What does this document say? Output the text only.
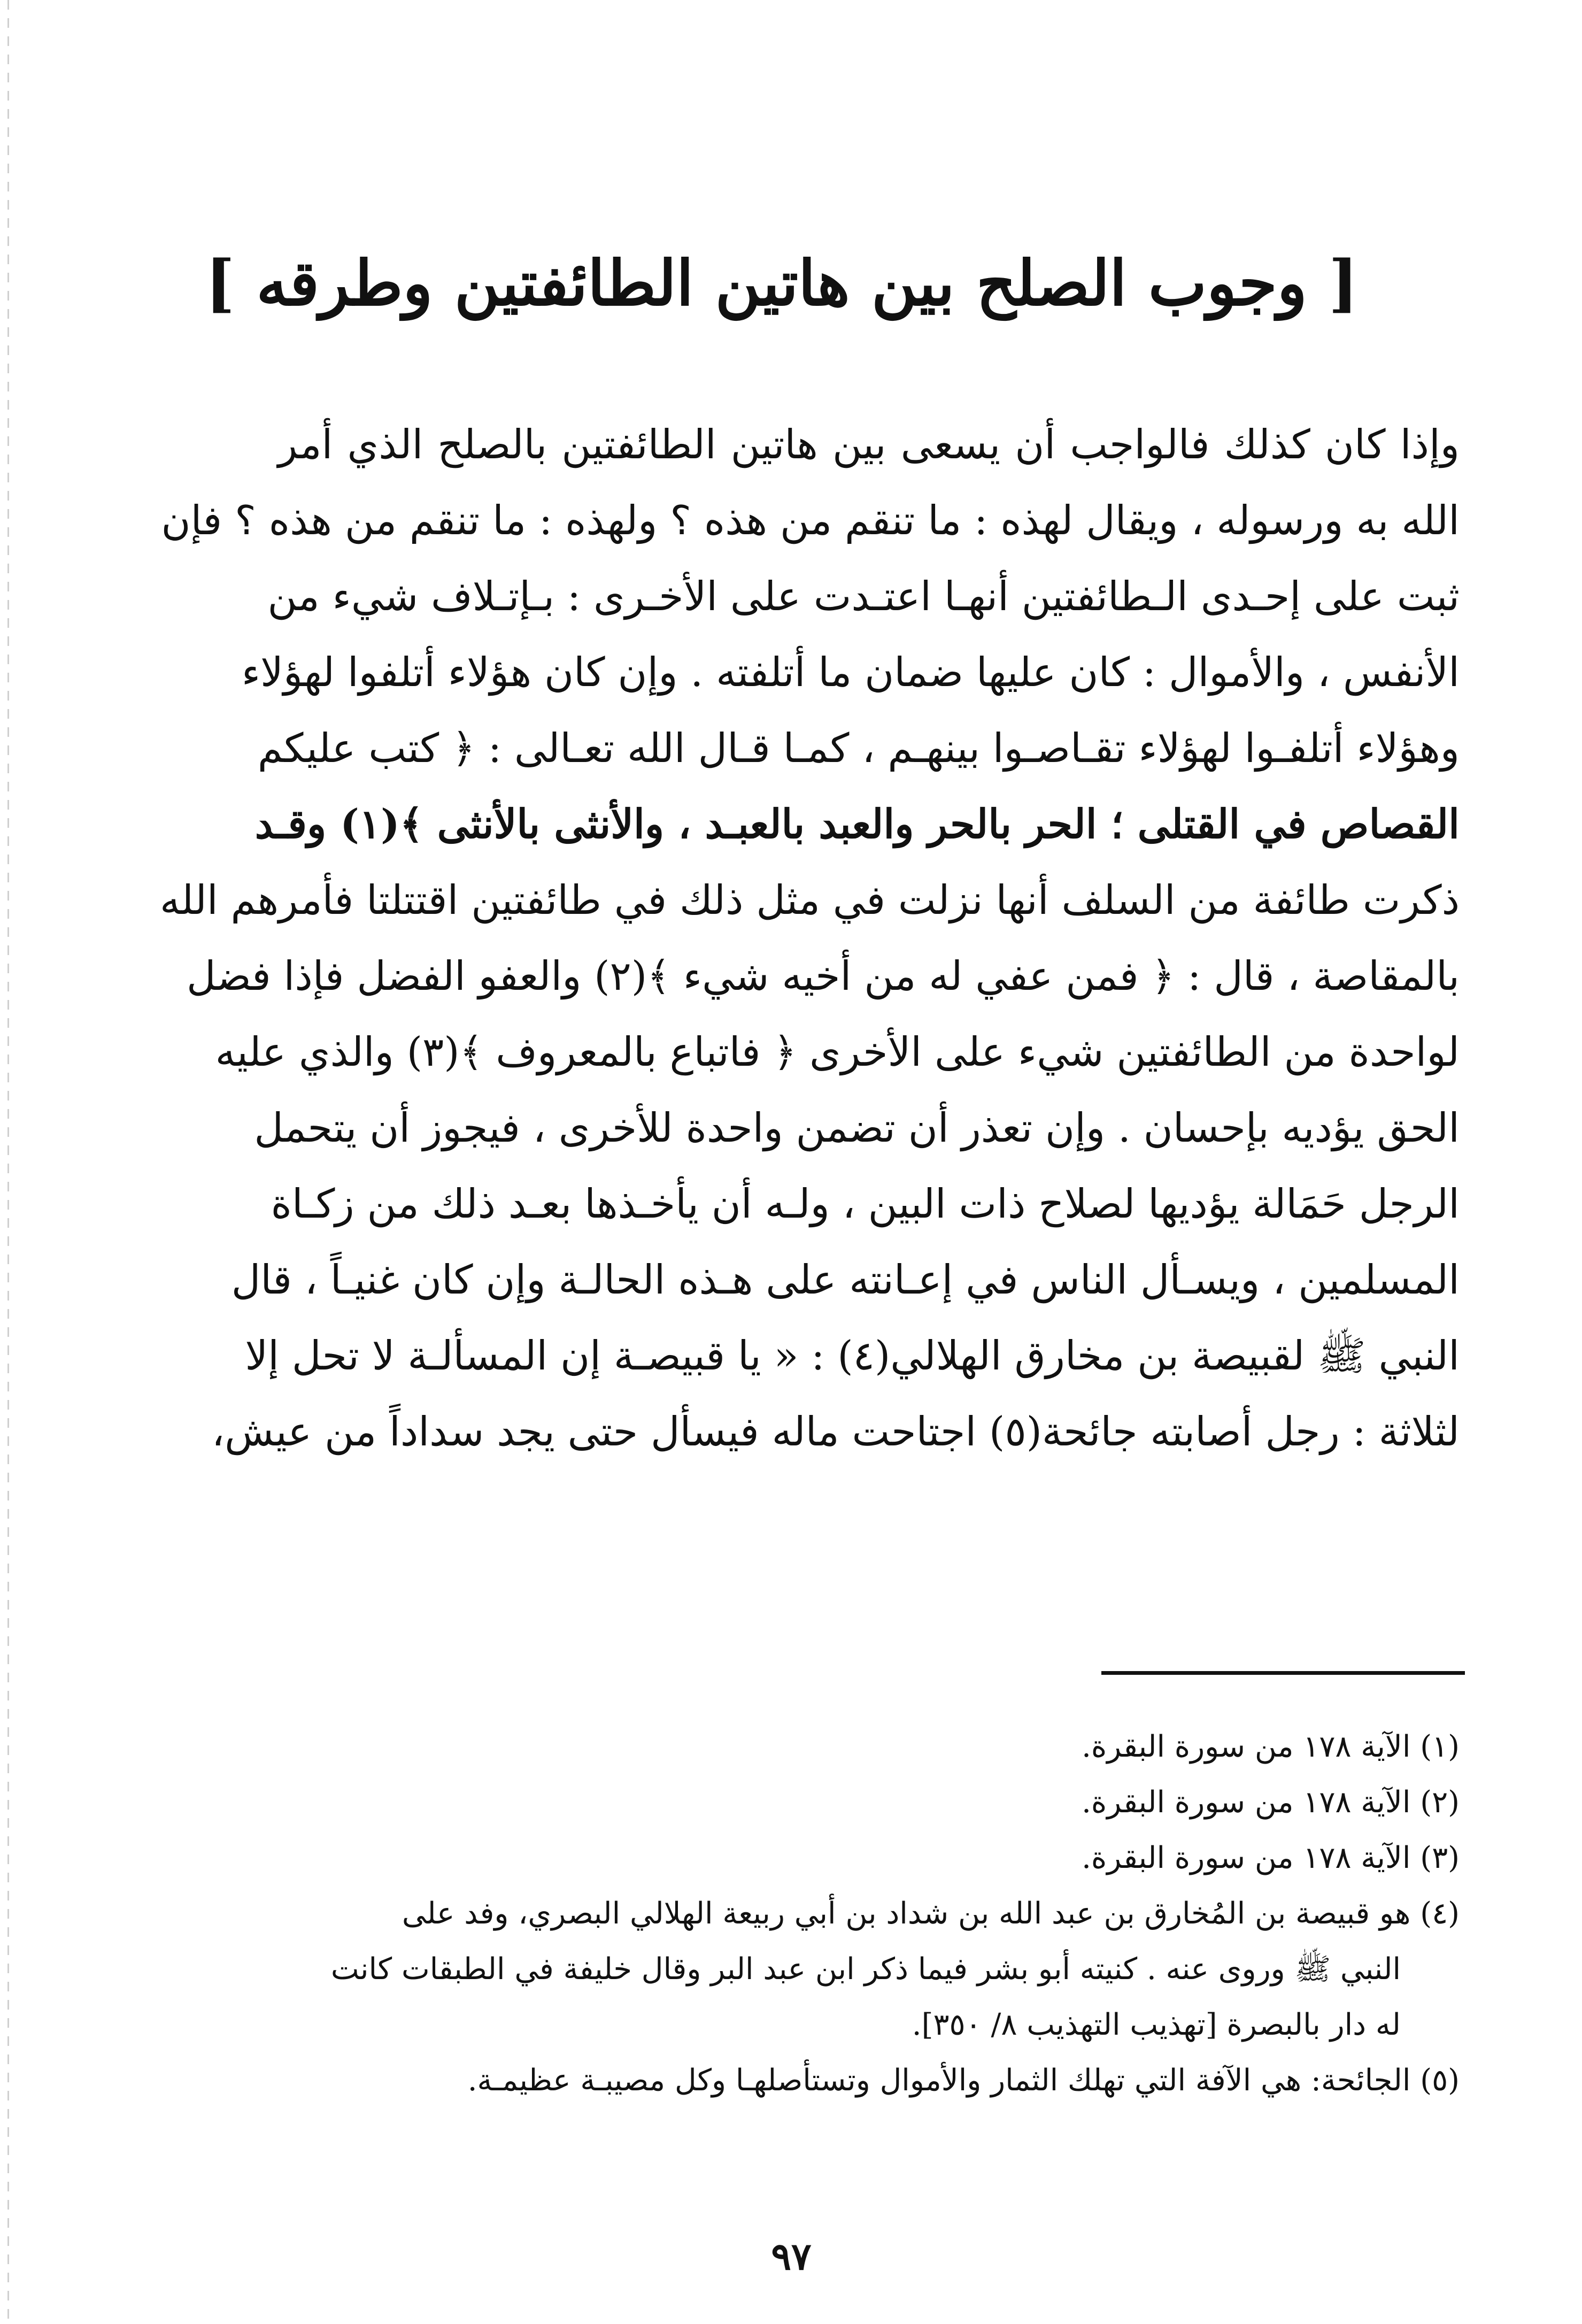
[ وجوب الصلح بين هاتين الطائفتين وطرقه ]
وإذا كان كذلك فالواجب أن يسعى بين هاتين الطائفتين بالصلح الذي أمر
الله به ورسوله ، ويقال لهذه : ما تنقم من هذه ؟ ولهذه : ما تنقم من هذه ؟ فإن
ثبت على إحـدى الـطائفتين أنهـا اعتـدت على الأخـرى : بـإتـلاف شيء من
الأنفس ، والأموال : كان عليها ضمان ما أتلفته . وإن كان هؤلاء أتلفوا لهؤلاء
وهؤلاء أتلفـوا لهؤلاء تقـاصـوا بينهـم ، كمـا قـال الله تعـالى : ﴿ كتب عليكم
القصاص في القتلى ؛ الحر بالحر والعبد بالعبـد ، والأنثى بالأنثى ﴾(١) وقـد
ذكرت طائفة من السلف أنها نزلت في مثل ذلك في طائفتين اقتتلتا فأمرهم الله
بالمقاصة ، قال : ﴿ فمن عفي له من أخيه شيء ﴾(٢) والعفو الفضل فإذا فضل
لواحدة من الطائفتين شيء على الأخرى ﴿ فاتباع بالمعروف ﴾(٣) والذي عليه
الحق يؤديه بإحسان . وإن تعذر أن تضمن واحدة للأخرى ، فيجوز أن يتحمل
الرجل حَمَالة يؤديها لصلاح ذات البين ، ولـه أن يأخـذها بعـد ذلك من زكـاة
المسلمين ، ويسـأل الناس في إعـانته على هـذه الحالـة وإن كان غنيـاً ، قال
النبي ﷺ لقبيصة بن مخارق الهلالي(٤) : « يا قبيصـة إن المسألـة لا تحل إلا
لثلاثة : رجل أصابته جائحة(٥) اجتاحت ماله فيسأل حتى يجد سداداً من عيش،
(١) الآية ١٧٨ من سورة البقرة.
(٢) الآية ١٧٨ من سورة البقرة.
(٣) الآية ١٧٨ من سورة البقرة.
(٤) هو قبيصة بن المُخارق بن عبد الله بن شداد بن أبي ربيعة الهلالي البصري، وفد على
النبي ﷺ وروى عنه . كنيته أبو بشر فيما ذكر ابن عبد البر وقال خليفة في الطبقات كانت
له دار بالبصرة [تهذيب التهذيب ٨/ ٣٥٠].
(٥) الجائحة: هي الآفة التي تهلك الثمار والأموال وتستأصلهـا وكل مصيبـة عظيمـة.
٩٧
